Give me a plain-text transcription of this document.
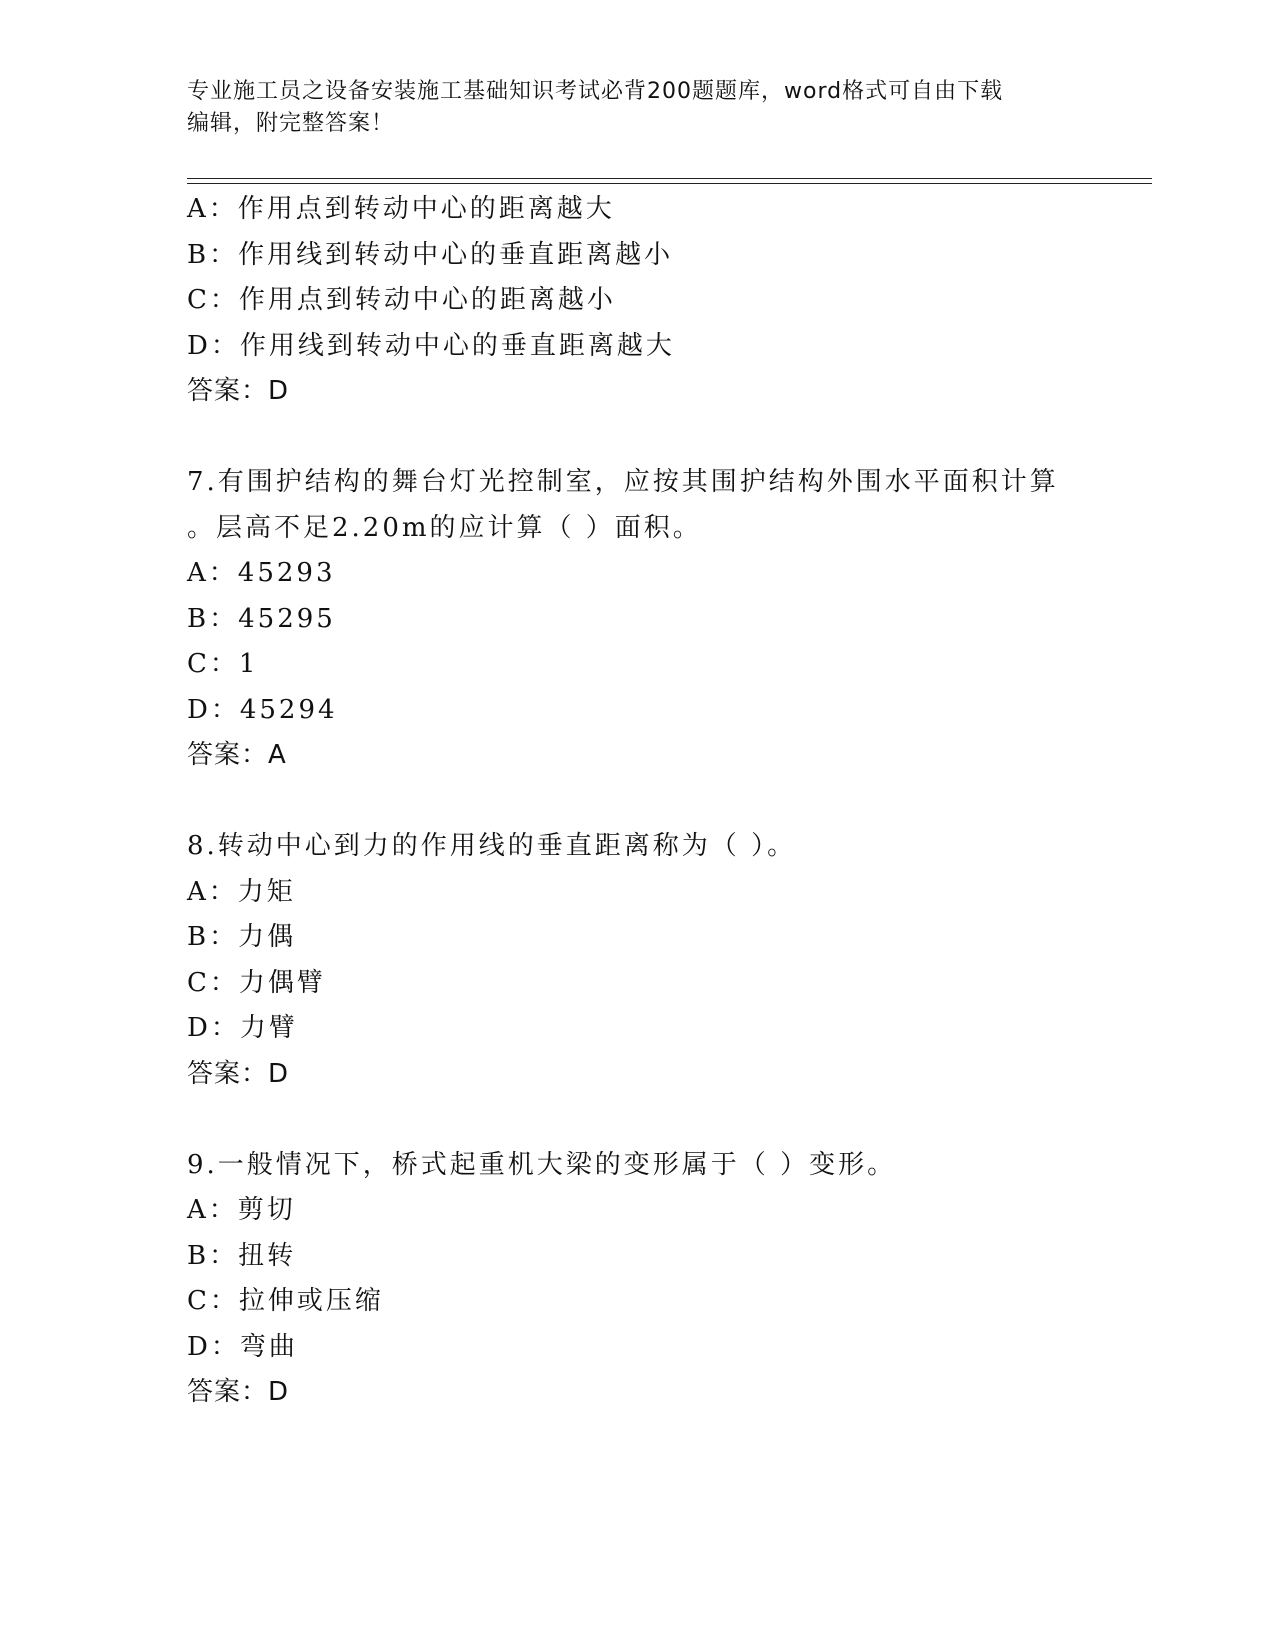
专业施工员之设备安装施工基础知识考试必背200题题库，word格式可自由下载
编辑，附完整答案！
A：作用点到转动中心的距离越大
B：作用线到转动中心的垂直距离越小
C：作用点到转动中心的距离越小
D：作用线到转动中心的垂直距离越大
答案：D
7.有围护结构的舞台灯光控制室，应按其围护结构外围水平面积计算
。层高不足2.20m的应计算（ ）面积。
A：45293
B：45295
C：1
D：45294
答案：A
8.转动中心到力的作用线的垂直距离称为（ ）。
A：力矩
B：力偶
C：力偶臂
D：力臂
答案：D
9.一般情况下，桥式起重机大梁的变形属于（ ）变形。
A：剪切
B：扭转
C：拉伸或压缩
D：弯曲
答案：D
